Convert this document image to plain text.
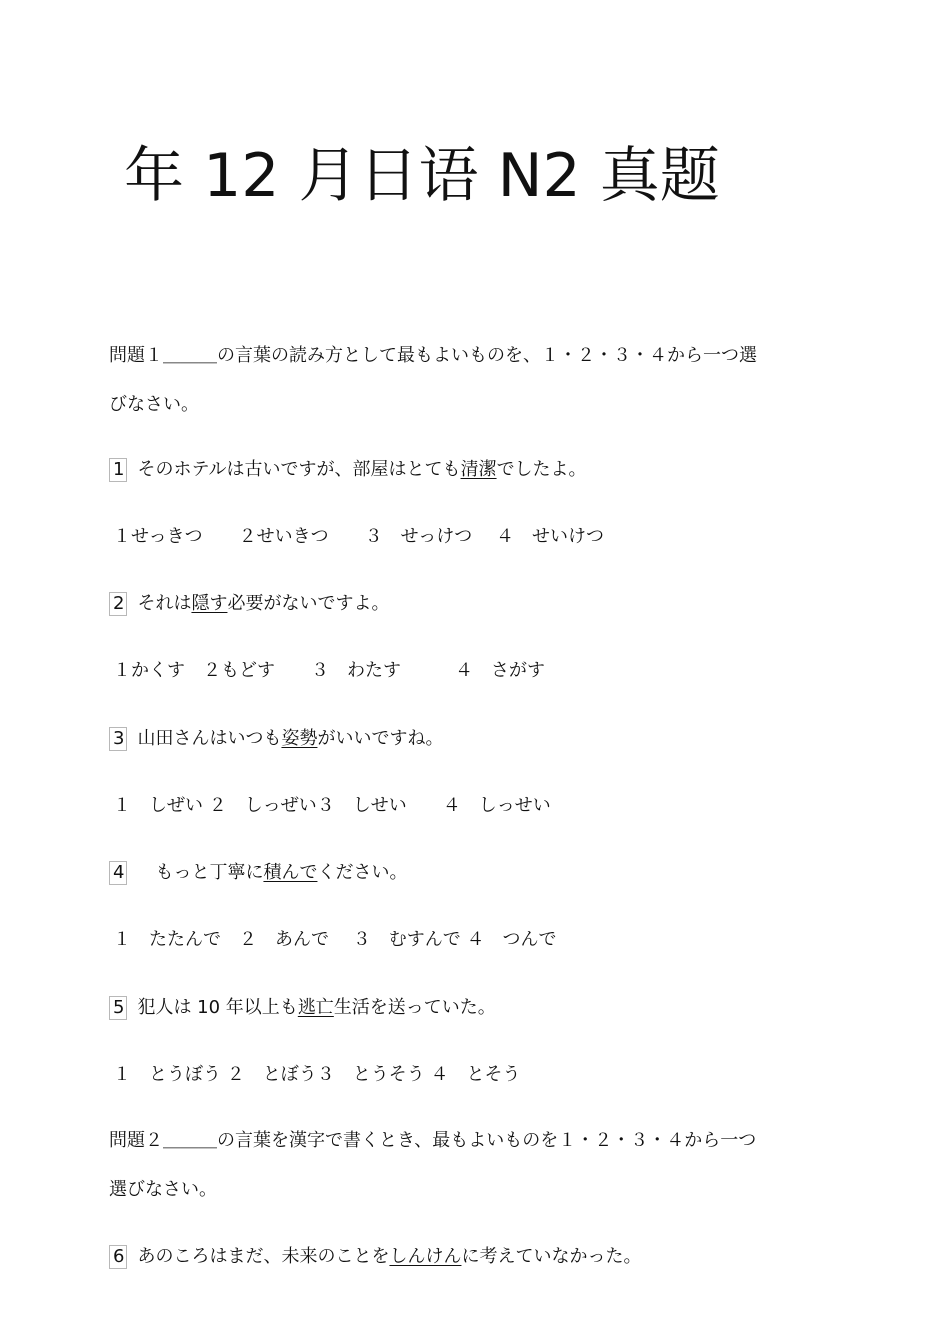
年 12 月日语 N2 真题

問題１＿＿＿の言葉の読み方として最もよいものを、１・２・３・４から一つ選

びなさい。

1 そのホテルは古いですが、部屋はとても清潔でしたよ。

１せっきつ　　２せいきつ　　３　せっけつ　 ４　せいけつ

2 それは隠す必要がないですよ。

１かくす　２もどす　　３　わたす　　　４　さがす

3 山田さんはいつも姿勢がいいですね。

１　しぜい ２　しっぜい３　しせい　　４　しっせい

4　もっと丁寧に積んでください。

１　たたんで　２　あんで　 ３　むすんで ４　つんで

5 犯人は 10 年以上も逃亡生活を送っていた。

１　とうぼう ２　とぼう３　とうそう ４　とそう

問題２＿＿＿の言葉を漢字で書くとき、最もよいものを１・２・３・４から一つ

選びなさい。

6 あのころはまだ、未来のことをしんけんに考えていなかった。
